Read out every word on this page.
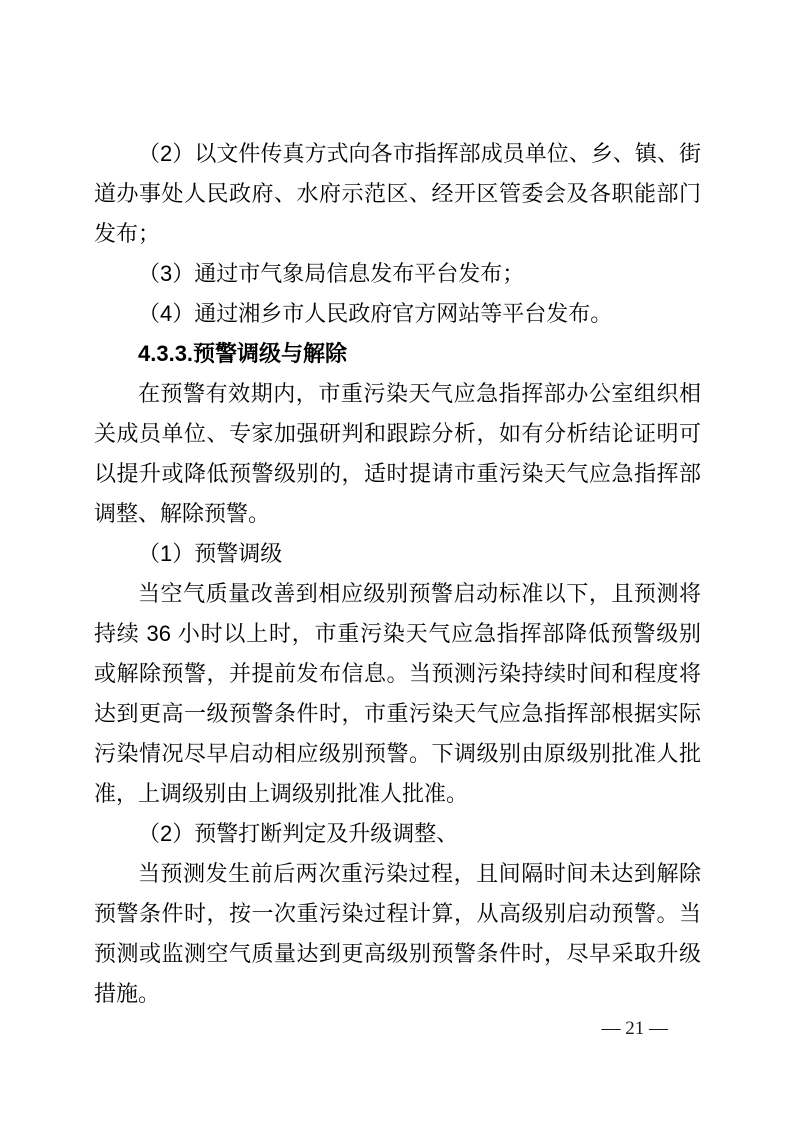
（2）以文件传真方式向各市指挥部成员单位、乡、镇、街道办事处人民政府、水府示范区、经开区管委会及各职能部门发布；

（3）通过市气象局信息发布平台发布；

（4）通过湘乡市人民政府官方网站等平台发布。

4.3.3.预警调级与解除

在预警有效期内，市重污染天气应急指挥部办公室组织相关成员单位、专家加强研判和跟踪分析，如有分析结论证明可以提升或降低预警级别的，适时提请市重污染天气应急指挥部调整、解除预警。

（1）预警调级

当空气质量改善到相应级别预警启动标准以下，且预测将持续 36 小时以上时，市重污染天气应急指挥部降低预警级别或解除预警，并提前发布信息。当预测污染持续时间和程度将达到更高一级预警条件时，市重污染天气应急指挥部根据实际污染情况尽早启动相应级别预警。下调级别由原级别批准人批准，上调级别由上调级别批准人批准。

（2）预警打断判定及升级调整、

当预测发生前后两次重污染过程，且间隔时间未达到解除预警条件时，按一次重污染过程计算，从高级别启动预警。当预测或监测空气质量达到更高级别预警条件时，尽早采取升级措施。

— 21 —
